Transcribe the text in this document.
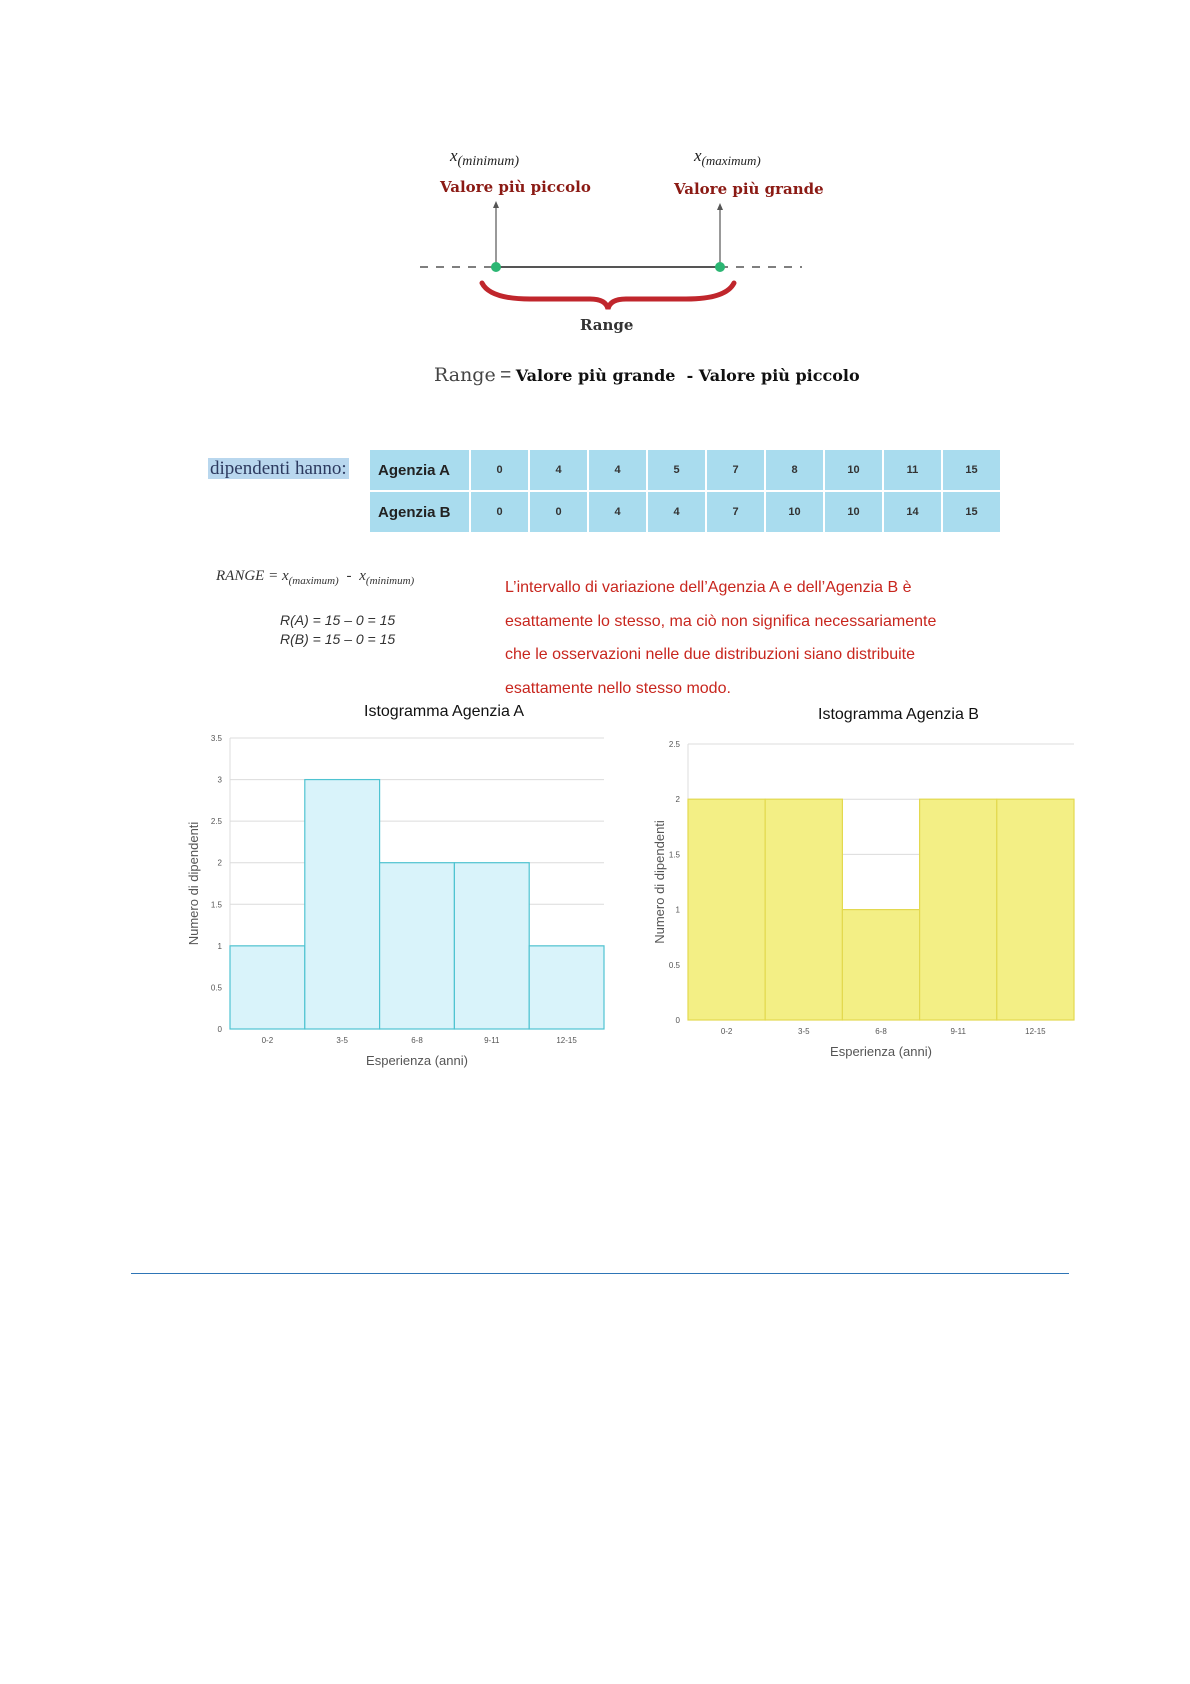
$x_{(minimum)}$	$x_{(maximum)}$
Valore più piccolo	Valore più grande
Range
Range = Valore più grande  - Valore più piccolo
dipendenti hanno: Agenzia A	0	4	4	5	7	8	10	11	15
Agenzia B	0	0	4	4	7	10	10	14	15
RANGE = $x_{(maximum)} - x_{(minimum)}$
R(A) = 15 – 0 = 15
R(B) = 15 – 0 = 15
L’intervallo di variazione dell’Agenzia A e dell’Agenzia B è
esattamente lo stesso, ma ciò non significa necessariamente
che le osservazioni nelle due distribuzioni siano distribuite
esattamente nello stesso modo.
Istogramma Agenzia A
0
0.5
1
1.5
2
2.5
3
3.5
0-2	3-5	6-8	9-11	12-15
Esperienza (anni)
Numero di dipendenti
Istogramma Agenzia B
0
0.5
1
1.5
2
2.5
0-2	3-5	6-8	9-11	12-15
Esperienza (anni)
Numero di dipendenti
